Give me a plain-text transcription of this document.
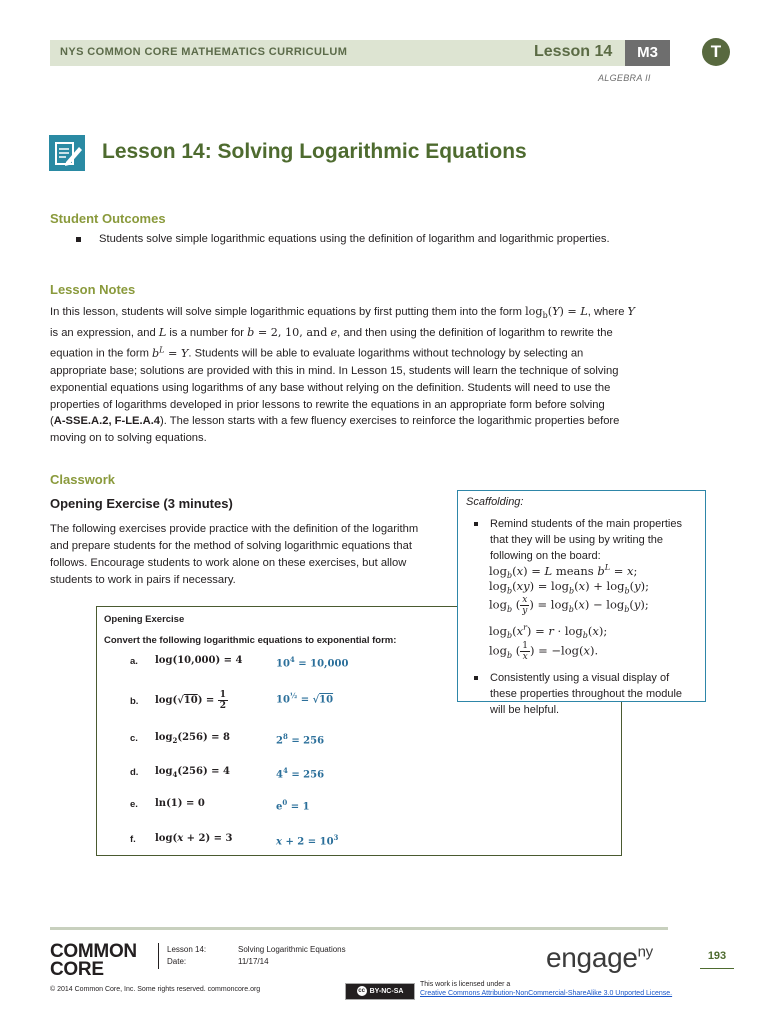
NYS COMMON CORE MATHEMATICS CURRICULUM	Lesson 14	M3	T
ALGEBRA II
Lesson 14: Solving Logarithmic Equations
Student Outcomes
Students solve simple logarithmic equations using the definition of logarithm and logarithmic properties.
Lesson Notes
In this lesson, students will solve simple logarithmic equations by first putting them into the form $\log_b(Y) = L$, where Y
is an expression, and L is a number for b = 2, 10, and e, and then using the definition of logarithm to rewrite the
equation in the form $b^L = Y$. Students will be able to evaluate logarithms without technology by selecting an
appropriate base; solutions are provided with this in mind. In Lesson 15, students will learn the technique of solving
exponential equations using logarithms of any base without relying on the definition. Students will need to use the
properties of logarithms developed in prior lessons to rewrite the equations in an appropriate form before solving
(A-SSE.A.2, F-LE.A.4). The lesson starts with a few fluency exercises to reinforce the logarithmic properties before
moving on to solving equations.
Classwork
Opening Exercise (3 minutes)
The following exercises provide practice with the definition of the logarithm
and prepare students for the method of solving logarithmic equations that
follows. Encourage students to work alone on these exercises, but allow
students to work in pairs if necessary.
Opening Exercise
Convert the following logarithmic equations to exponential form:
a. log(10,000) = 4	$10^4 = 10,000$
b. $\log(√10) = \frac{1}{2}$	$10^{\frac{1}{2}} = √10$
c. $\log_2(256) = 8$	$2^8 = 256$
d. $\log_4(256) = 4$	$4^4 = 256$
e. ln(1) = 0	$e^0 = 1$
f. log(x + 2) = 3	$x + 2 = 10^3$
Scaffolding:
Remind students of the main properties
that they will be using by writing the
following on the board:
$\log_b(x) = L$ means $b^L = x$;
$\log_b(xy) = \log_b(x) + \log_b(y)$;
$\log_b$ ( $\frac{x}{y}$ ) = $\log_b(x) - \log_b(y)$;
$\log_b(x^r) = r \cdot \log_b(x)$;
$\log_b$ ( $\frac{1}{x}$ ) = −log(x).
Consistently using a visual display of
these properties throughout the module
will be helpful.
COMMON
CORE
Lesson 14:	Solving Logarithmic Equations
Date:	11/17/14	engage$^{ny}$	193
© 2014 Common Core, Inc. Some rights reserved. commoncore.org	cc BY-NC-SA
This work is licensed under a
Creative Commons Attribution-NonCommercial-ShareAlike 3.0 Unported License.
